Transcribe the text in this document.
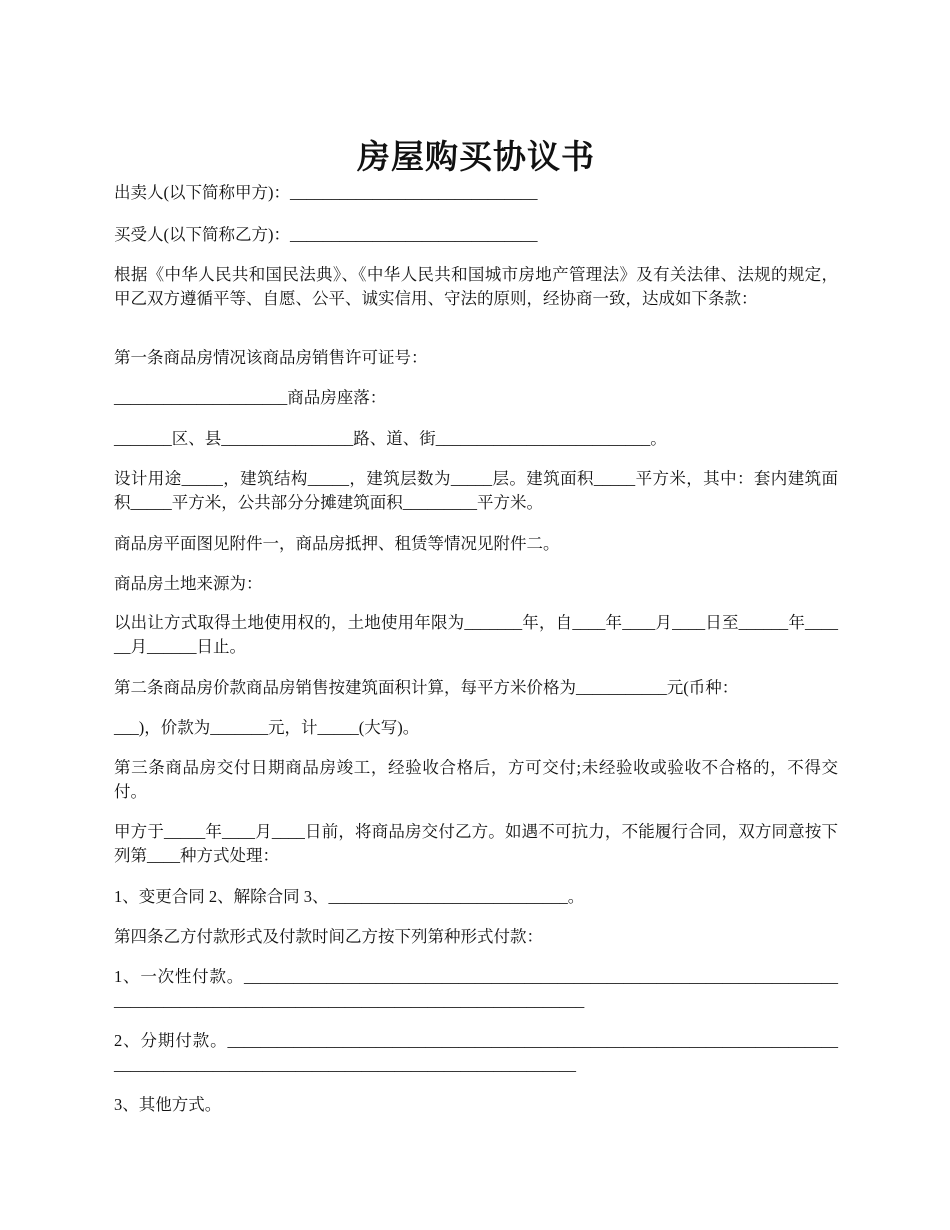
房屋购买协议书

出卖人(以下简称甲方)：______________________________

买受人(以下简称乙方)：______________________________

根据《中华人民共和国民法典》、《中华人民共和国城市房地产管理法》及有关法律、法规的规定，甲乙双方遵循平等、自愿、公平、诚实信用、守法的原则，经协商一致，达成如下条款：

第一条商品房情况该商品房销售许可证号：

_____________________商品房座落：

_______区、县________________路、道、街__________________________。

设计用途_____，建筑结构_____，建筑层数为_____层。建筑面积_____平方米，其中：套内建筑面积_____平方米，公共部分分摊建筑面积_________平方米。

商品房平面图见附件一，商品房抵押、租赁等情况见附件二。

商品房土地来源为：

以出让方式取得土地使用权的，土地使用年限为_______年，自____年____月____日至______年______月______日止。

第二条商品房价款商品房销售按建筑面积计算，每平方米价格为___________元(币种：

___)，价款为_______元，计_____(大写)。

第三条商品房交付日期商品房竣工，经验收合格后，方可交付;未经验收或验收不合格的，不得交付。

甲方于_____年____月____日前，将商品房交付乙方。如遇不可抗力，不能履行合同，双方同意按下列第____种方式处理：

1、变更合同 2、解除合同 3、_____________________________。

第四条乙方付款形式及付款时间乙方按下列第种形式付款：

1、一次性付款。_________________________________________________________________________________________________________________________________

2、分期付款。__________________________________________________________________________________________________________________________________

3、其他方式。
